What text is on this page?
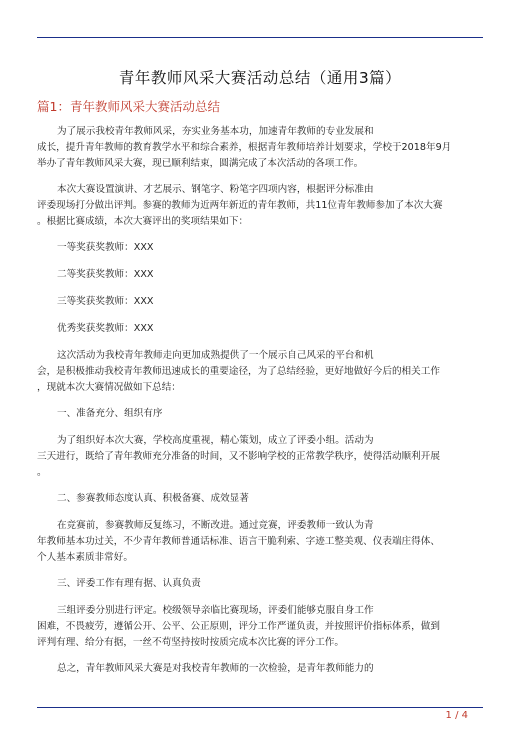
青年教师风采大赛活动总结（通用3篇）
篇1：青年教师风采大赛活动总结
为了展示我校青年教师风采，夯实业务基本功，加速青年教师的专业发展和
成长，提升青年教师的教育教学水平和综合素养，根据青年教师培养计划要求，学校于2018年9月
举办了青年教师风采大赛，现已顺利结束，圆满完成了本次活动的各项工作。
本次大赛设置演讲、才艺展示、钢笔字、粉笔字四项内容，根据评分标准由
评委现场打分做出评判。参赛的教师为近两年新近的青年教师，共11位青年教师参加了本次大赛
。根据比赛成绩，本次大赛评出的奖项结果如下：
一等奖获奖教师：XXX
二等奖获奖教师：XXX
三等奖获奖教师：XXX
优秀奖获奖教师：XXX
这次活动为我校青年教师走向更加成熟提供了一个展示自己风采的平台和机
会，是积极推动我校青年教师迅速成长的重要途径，为了总结经验，更好地做好今后的相关工作
，现就本次大赛情况做如下总结：
一、准备充分、组织有序
为了组织好本次大赛，学校高度重视，精心策划，成立了评委小组。活动为
三天进行，既给了青年教师充分准备的时间，又不影响学校的正常教学秩序，使得活动顺利开展
。
二、参赛教师态度认真、积极备赛、成效显著
在竞赛前，参赛教师反复练习，不断改进。通过竞赛，评委教师一致认为青
年教师基本功过关，不少青年教师普通话标准、语言干脆利索、字迹工整美观、仪表端庄得体、
个人基本素质非常好。
三、评委工作有理有据、认真负责
三组评委分别进行评定。校级领导亲临比赛现场，评委们能够克服自身工作
困难，不畏疲劳，遵循公开、公平、公正原则，评分工作严谨负责，并按照评价指标体系，做到
评判有理、给分有据，一丝不苟坚持按时按质完成本次比赛的评分工作。
总之，青年教师风采大赛是对我校青年教师的一次检验，是青年教师能力的
1 / 4
